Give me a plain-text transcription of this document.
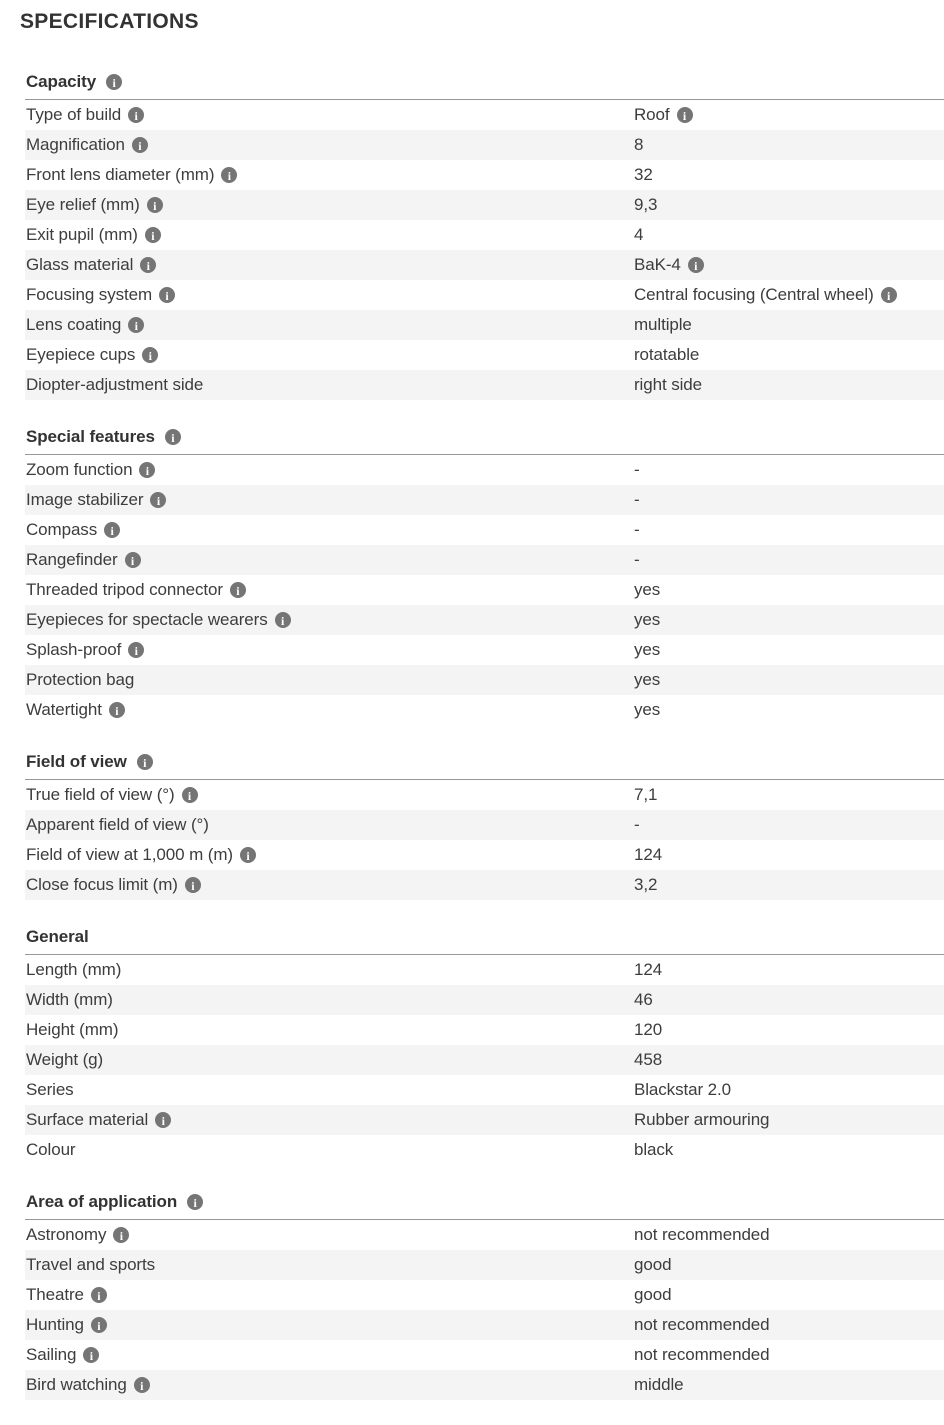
SPECIFICATIONS
Capacity	i
Type of build	i	Roof	i
Magnification	i	8
Front lens diameter (mm)	i	32
Eye relief (mm)	i	9,3
Exit pupil (mm)	i	4
Glass material	i	BaK-4	i
Focusing system	i	Central focusing (Central wheel)	i
Lens coating	i	multiple
Eyepiece cups	i	rotatable
Diopter-adjustment side	right side
Special features	i
Zoom function	i	-
Image stabilizer	i	-
Compass	i	-
Rangefinder	i	-
Threaded tripod connector	i	yes
Eyepieces for spectacle wearers	i	yes
Splash-proof	i	yes
Protection bag	yes
Watertight	i	yes
Field of view	i
True field of view (°)	i	7,1
Apparent field of view (°)	-
Field of view at 1,000 m (m)	i	124
Close focus limit (m)	i	3,2
General
Length (mm)	124
Width (mm)	46
Height (mm)	120
Weight (g)	458
Series	Blackstar 2.0
Surface material	i	Rubber armouring
Colour	black
Area of application	i
Astronomy	i	not recommended
Travel and sports	good
Theatre	i	good
Hunting	i	not recommended
Sailing	i	not recommended
Bird watching	i	middle
